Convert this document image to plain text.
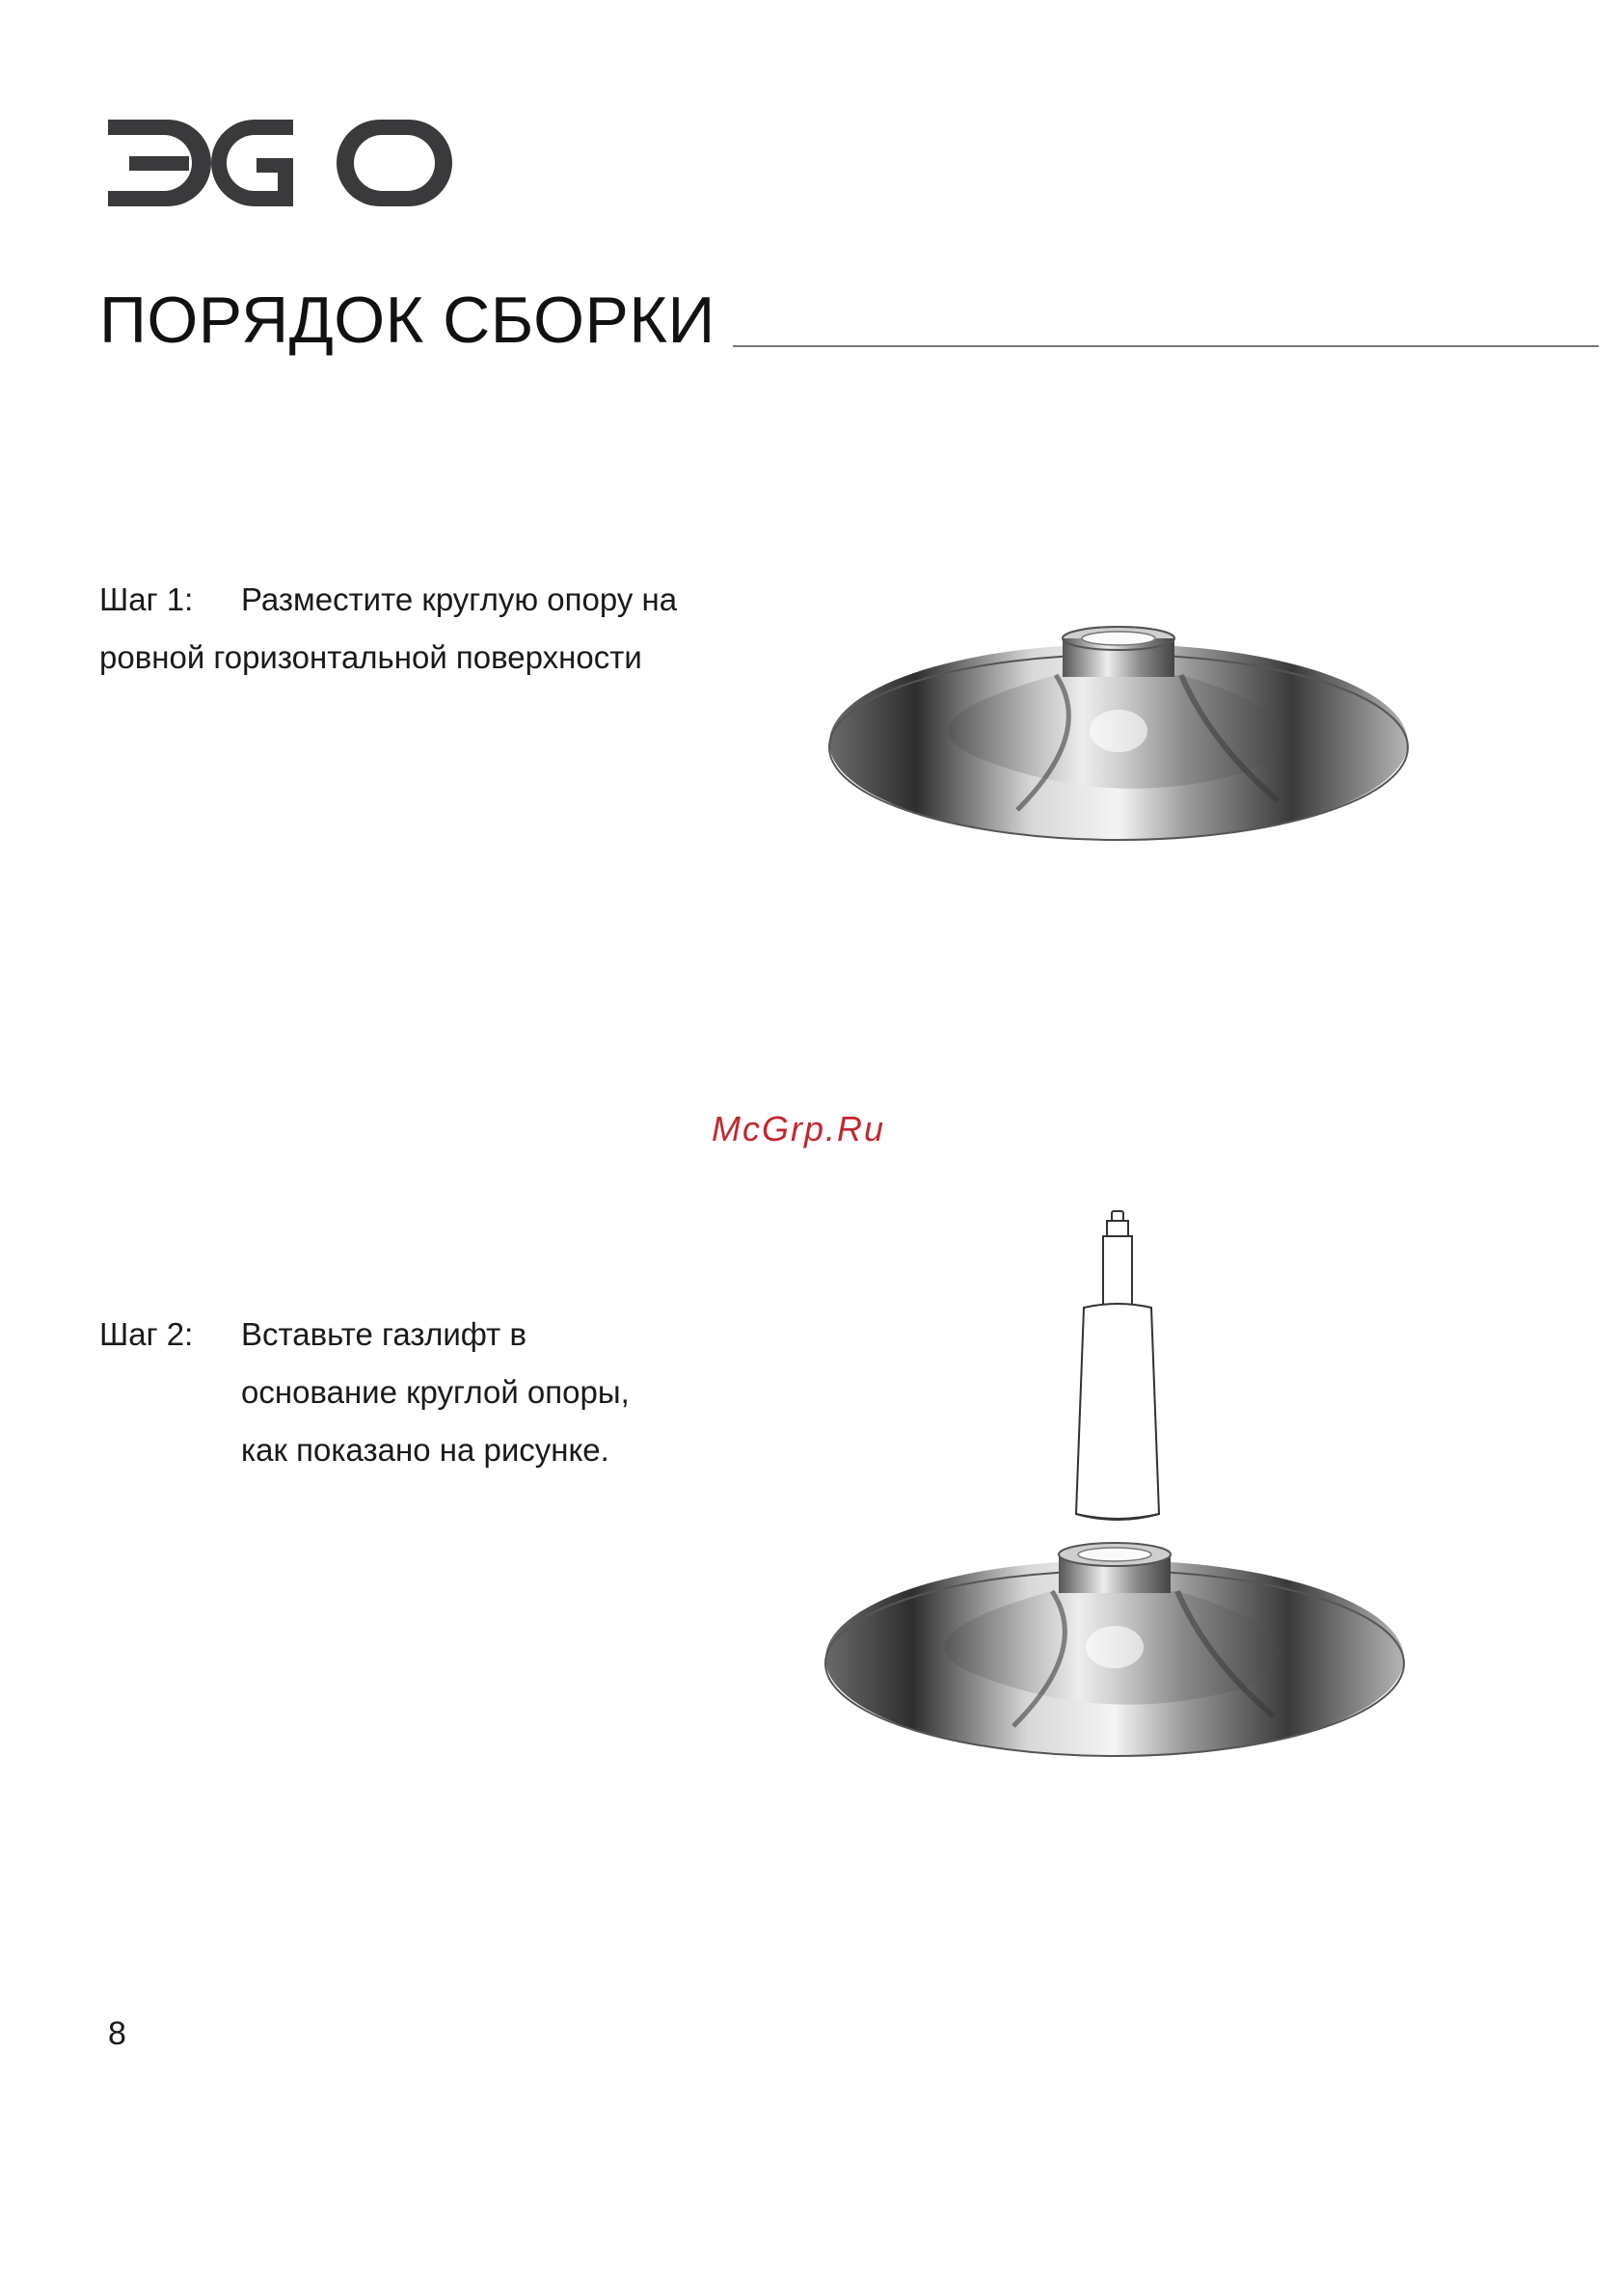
ПОРЯДОК СБОРКИ
Шаг 1: Разместите круглую опору на
ровной горизонтальной поверхности
McGrp.Ru
Шаг 2: Вставьте газлифт в
основание круглой опоры,
как показано на рисунке.
8
